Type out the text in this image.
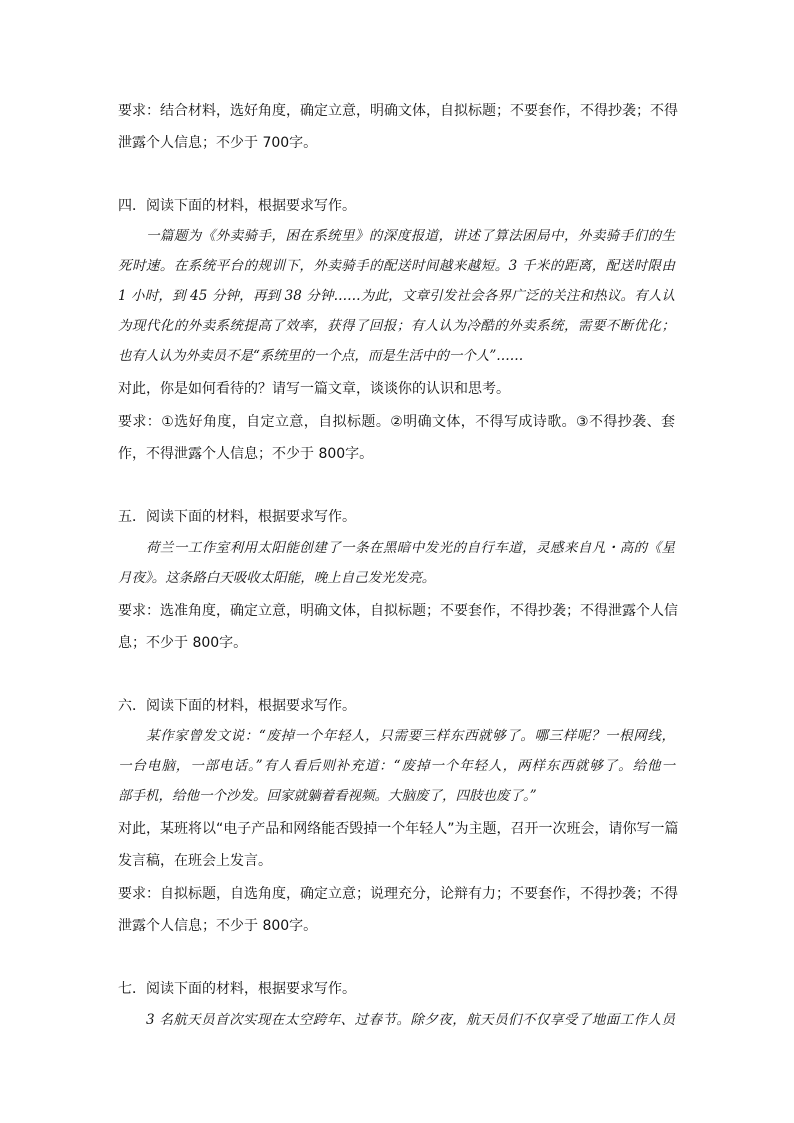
要求：结合材料，选好角度，确定立意，明确文体，自拟标题；不要套作，不得抄袭；不得
泄露个人信息；不少于 700字。
四．阅读下面的材料，根据要求写作。
一篇题为《外卖骑手，困在系统里》的深度报道，讲述了算法困局中，外卖骑手们的生
死时速。在系统平台的规训下，外卖骑手的配送时间越来越短。3 千米的距离，配送时限由
1 小时，到 45 分钟，再到 38 分钟……为此，文章引发社会各界广泛的关注和热议。有人认
为现代化的外卖系统提高了效率，获得了回报；有人认为冷酷的外卖系统，需要不断优化；
也有人认为外卖员不是“系统里的一个点，而是生活中的一个人”……
对此，你是如何看待的？请写一篇文章，谈谈你的认识和思考。
要求：①选好角度，自定立意，自拟标题。②明确文体，不得写成诗歌。③不得抄袭、套
作，不得泄露个人信息；不少于 800字。
五．阅读下面的材料，根据要求写作。
荷兰一工作室利用太阳能创建了一条在黑暗中发光的自行车道，灵感来自凡・高的《星
月夜》。这条路白天吸收太阳能，晚上自己发光发亮。
要求：选准角度，确定立意，明确文体，自拟标题；不要套作，不得抄袭；不得泄露个人信
息；不少于 800字。
六．阅读下面的材料，根据要求写作。
某作家曾发文说：“废掉一个年轻人，只需要三样东西就够了。哪三样呢？一根网线，
一台电脑，一部电话。”有人看后则补充道：“废掉一个年轻人，两样东西就够了。给他一
部手机，给他一个沙发。回家就躺着看视频。大脑废了，四肢也废了。”
对此，某班将以“电子产品和网络能否毁掉一个年轻人”为主题，召开一次班会，请你写一篇
发言稿，在班会上发言。
要求：自拟标题，自选角度，确定立意；说理充分，论辩有力；不要套作，不得抄袭；不得
泄露个人信息；不少于 800字。
七．阅读下面的材料，根据要求写作。
3 名航天员首次实现在太空跨年、过春节。除夕夜，航天员们不仅享受了地面工作人员
